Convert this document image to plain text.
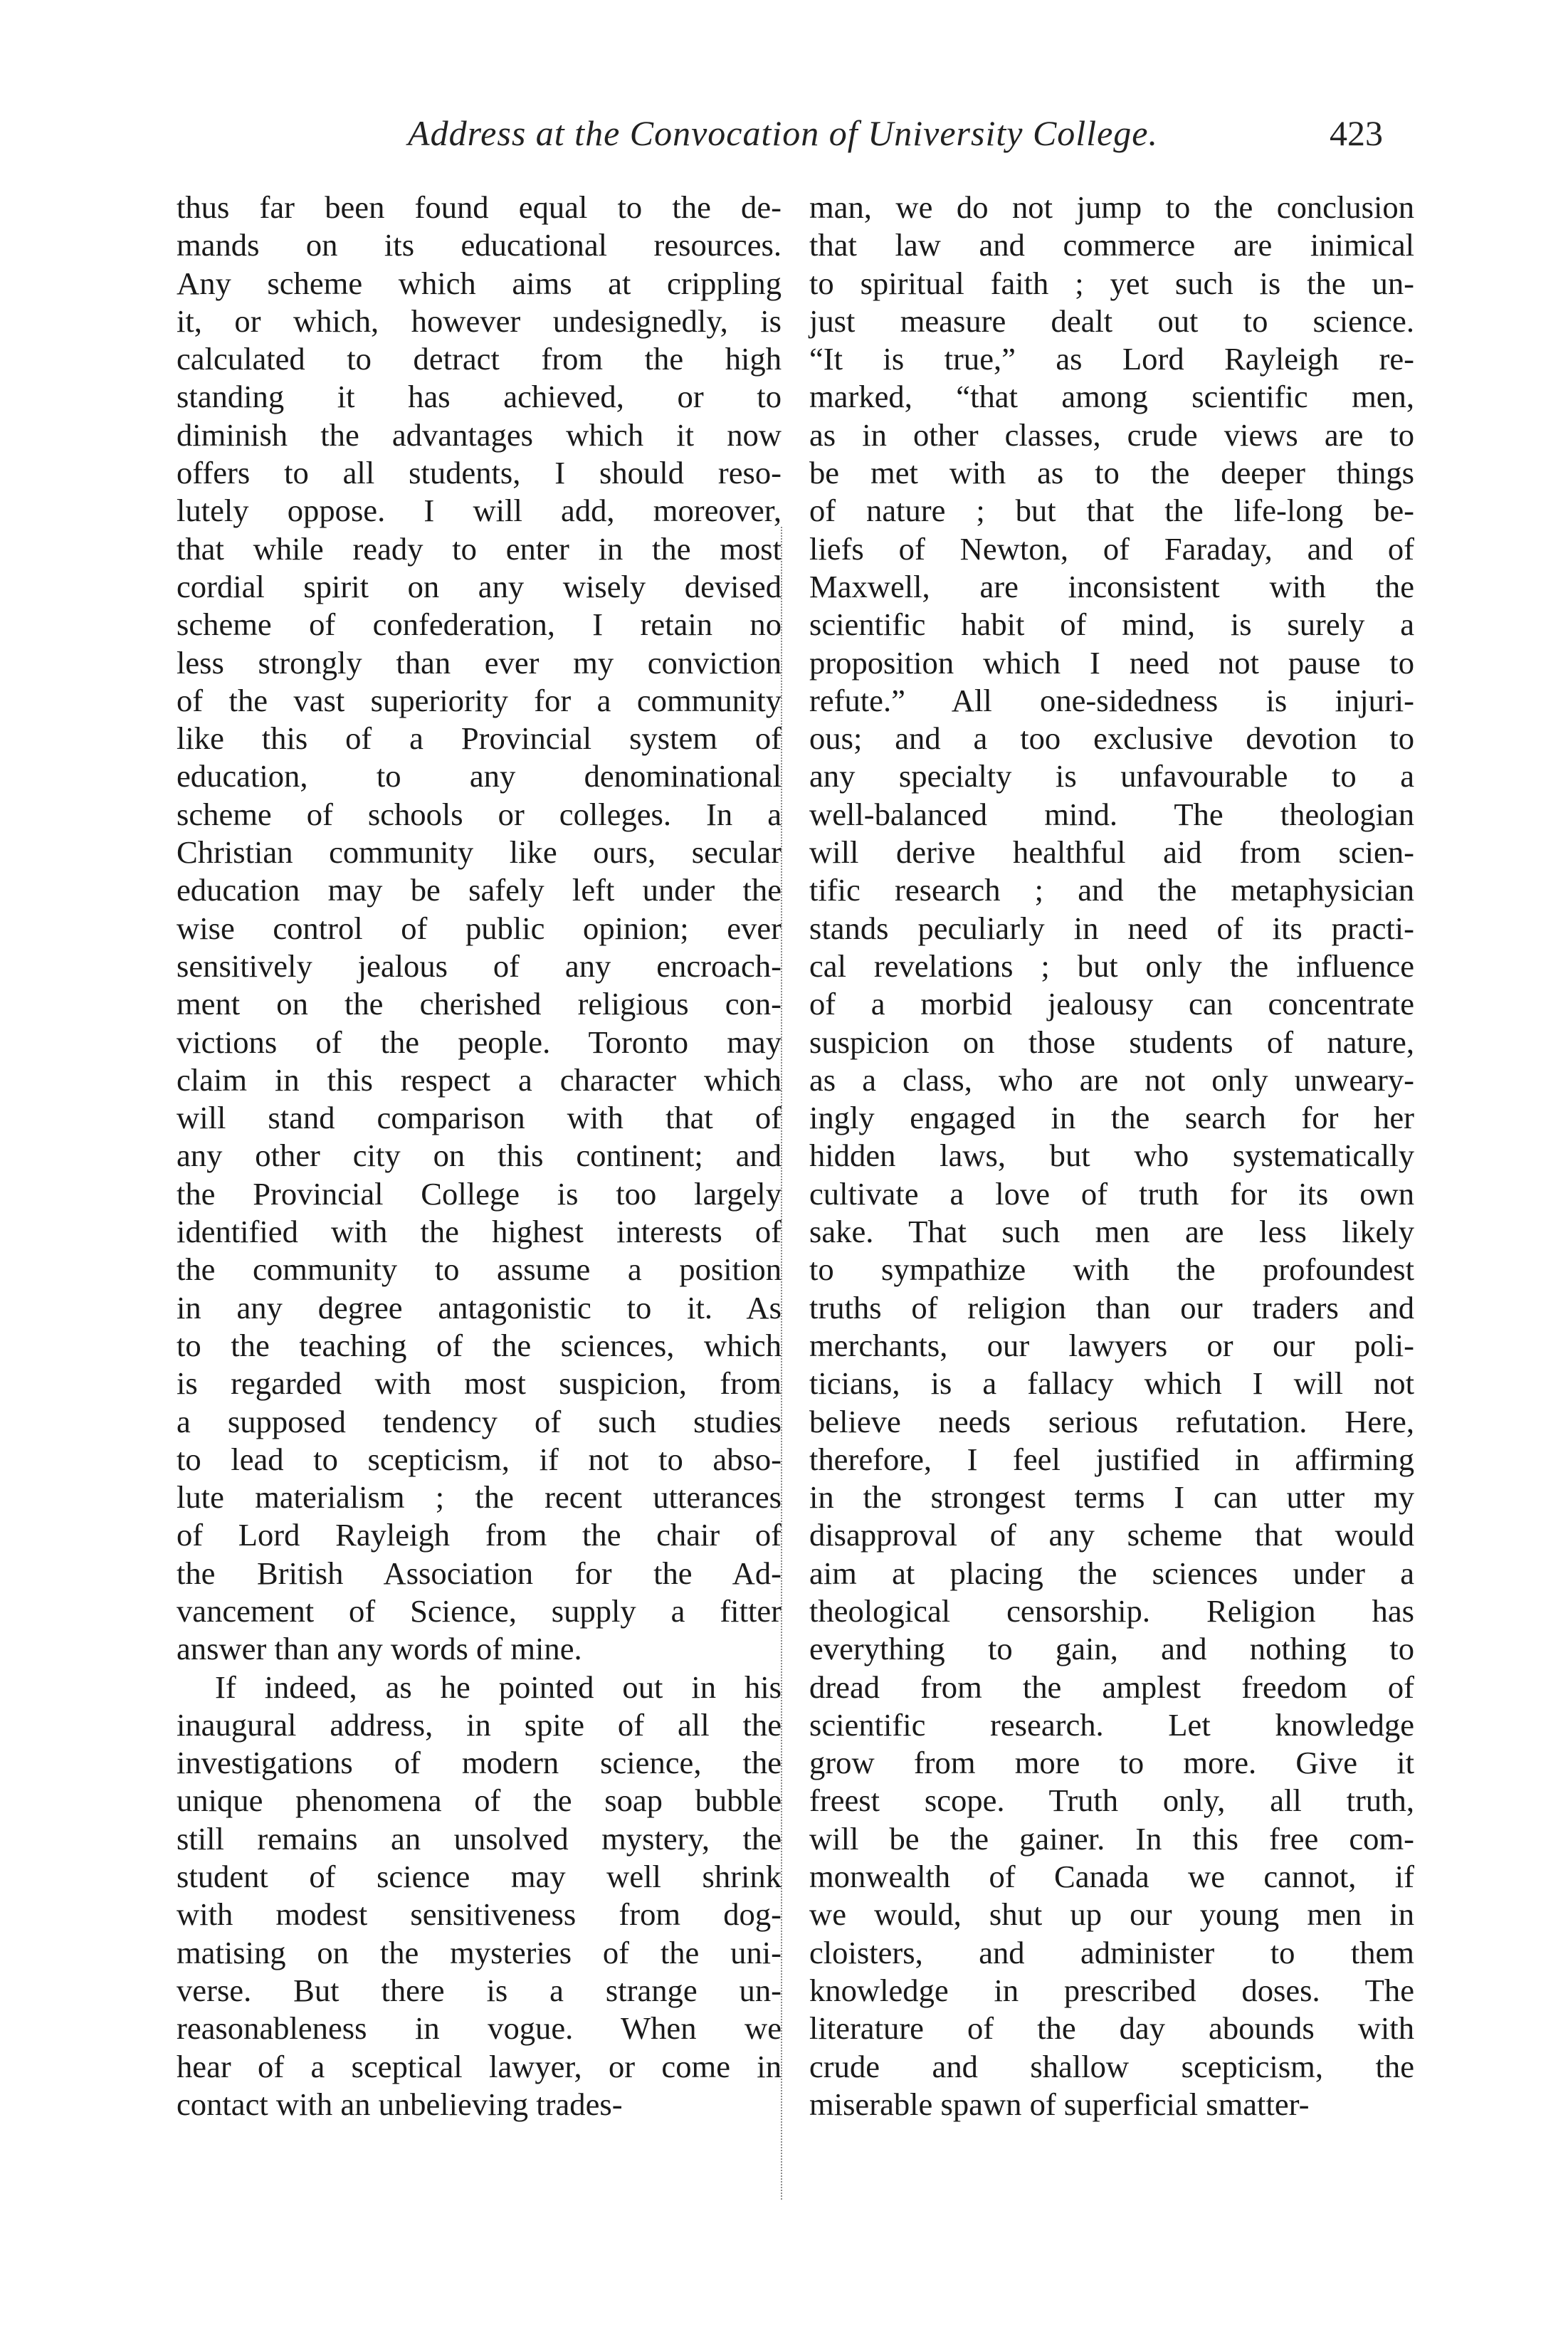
Address at the Convocation of University College.	423
thus far been found equal to the de-
mands on its educational resources.
Any scheme which aims at crippling
it, or which, however undesignedly, is
calculated to detract from the high
standing it has achieved, or to
diminish the advantages which it now
offers to all students, I should reso-
lutely oppose. I will add, moreover,
that while ready to enter in the most
cordial spirit on any wisely devised
scheme of confederation, I retain no
less strongly than ever my conviction
of the vast superiority for a community
like this of a Provincial system of
education, to any denominational
scheme of schools or colleges. In a
Christian community like ours, secular
education may be safely left under the
wise control of public opinion; ever
sensitively jealous of any encroach-
ment on the cherished religious con-
victions of the people. Toronto may
claim in this respect a character which
will stand comparison with that of
any other city on this continent; and
the Provincial College is too largely
identified with the highest interests of
the community to assume a position
in any degree antagonistic to it. As
to the teaching of the sciences, which
is regarded with most suspicion, from
a supposed tendency of such studies
to lead to scepticism, if not to abso-
lute materialism ; the recent utterances
of Lord Rayleigh from the chair of
the British Association for the Ad-
vancement of Science, supply a fitter
answer than any words of mine.
If indeed, as he pointed out in his
inaugural address, in spite of all the
investigations of modern science, the
unique phenomena of the soap bubble
still remains an unsolved mystery, the
student of science may well shrink
with modest sensitiveness from dog-
matising on the mysteries of the uni-
verse. But there is a strange un-
reasonableness in vogue. When we
hear of a sceptical lawyer, or come in
contact with an unbelieving trades-
man, we do not jump to the conclusion
that law and commerce are inimical
to spiritual faith ; yet such is the un-
just measure dealt out to science.
“It is true,” as Lord Rayleigh re-
marked, “that among scientific men,
as in other classes, crude views are to
be met with as to the deeper things
of nature ; but that the life-long be-
liefs of Newton, of Faraday, and of
Maxwell, are inconsistent with the
scientific habit of mind, is surely a
proposition which I need not pause to
refute.” All one-sidedness is injuri-
ous; and a too exclusive devotion to
any specialty is unfavourable to a
well-balanced mind. The theologian
will derive healthful aid from scien-
tific research ; and the metaphysician
stands peculiarly in need of its practi-
cal revelations ; but only the influence
of a morbid jealousy can concentrate
suspicion on those students of nature,
as a class, who are not only unweary-
ingly engaged in the search for her
hidden laws, but who systematically
cultivate a love of truth for its own
sake. That such men are less likely
to sympathize with the profoundest
truths of religion than our traders and
merchants, our lawyers or our poli-
ticians, is a fallacy which I will not
believe needs serious refutation. Here,
therefore, I feel justified in affirming
in the strongest terms I can utter my
disapproval of any scheme that would
aim at placing the sciences under a
theological censorship. Religion has
everything to gain, and nothing to
dread from the amplest freedom of
scientific research. Let knowledge
grow from more to more. Give it
freest scope. Truth only, all truth,
will be the gainer. In this free com-
monwealth of Canada we cannot, if
we would, shut up our young men in
cloisters, and administer to them
knowledge in prescribed doses. The
literature of the day abounds with
crude and shallow scepticism, the
miserable spawn of superficial smatter-
